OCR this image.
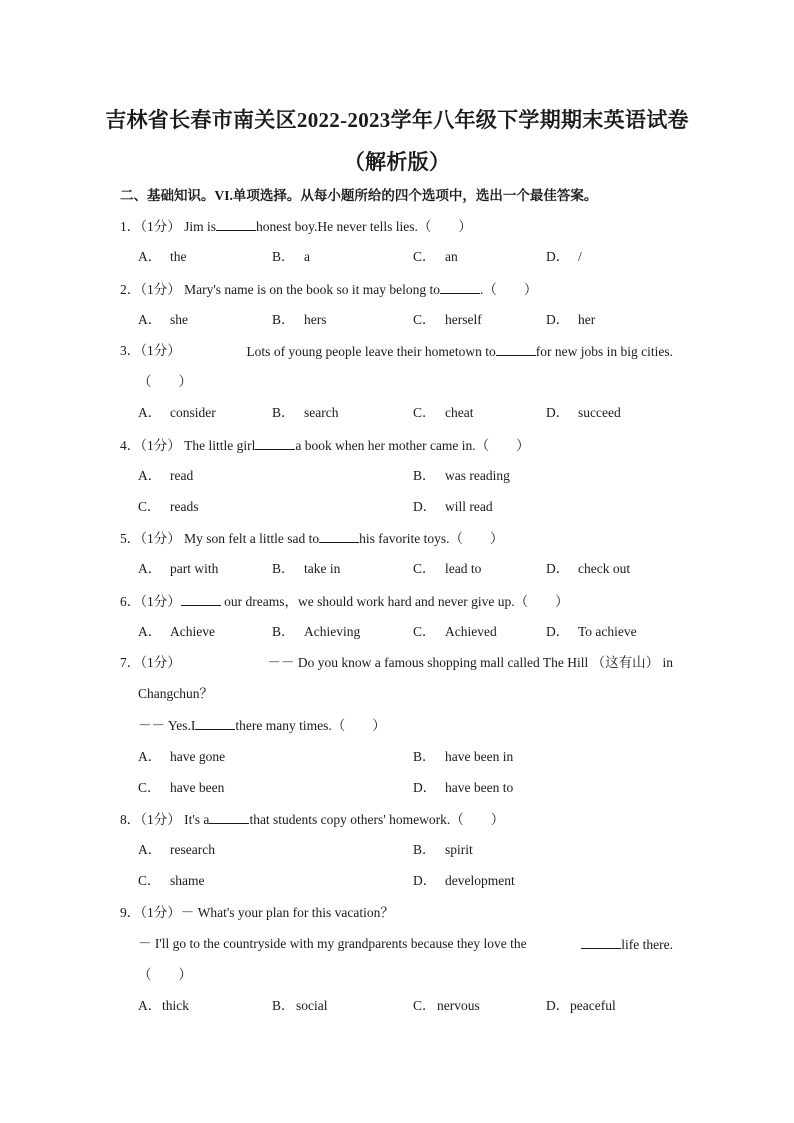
吉林省长春市南关区2022-2023学年八年级下学期期末英语试卷
（解析版）
二、基础知识。VI.单项选择。从每小题所给的四个选项中，选出一个最佳答案。
1．（1分） Jim is	honest boy.He never tells lies.（　　）
A． the	B． a	C． an	D． /
2．（1分） Mary's name is on the book so it may belong to	.（　　）
A． she	B． hers	C． herself	D． her
3．（1分）	Lots of young people leave their hometown to	for new jobs in big cities.
（　　）
A． consider	B． search	C． cheat	D． succeed
4．（1分） The little girl	a book when her mother came in.（　　）
A． read	B． was reading
C． reads	D． will read
5．（1分） My son felt a little sad to	his favorite toys.（　　）
A． part with	B． take in	C． lead to	D． check out
6．（1分）	our dreams，we should work hard and never give up.（　　）
A． Achieve	B． Achieving	C． Achieved	D． To achieve
7．（1分）	－－ Do you know a famous shopping mall called The Hill （这有山） in
Changchun？
－－ Yes.I	there many times.（　　）
A． have gone	B． have been in
C． have been	D． have been to
8．（1分） It's a	that students copy others' homework.（　　）
A． research	B． spirit
C． shame	D． development
9．（1分）－ What's your plan for this vacation？
－ I'll go to the countryside with my grandparents because they love the	life there.
（　　）
A．thick	B．social	C．nervous	D．peaceful
